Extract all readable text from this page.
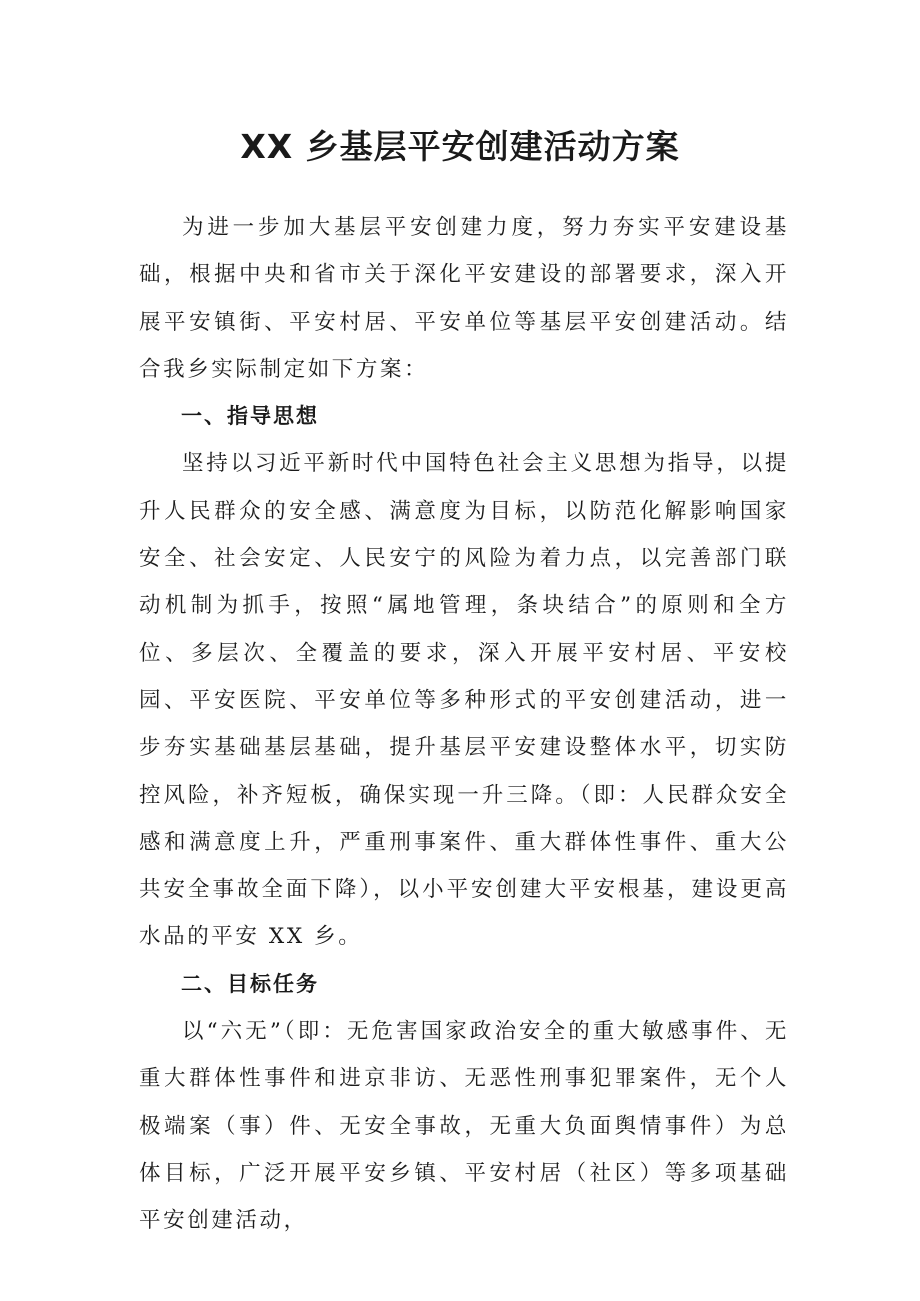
XX 乡基层平安创建活动方案

为进一步加大基层平安创建力度，努力夯实平安建设基础，根据中央和省市关于深化平安建设的部署要求，深入开展平安镇街、平安村居、平安单位等基层平安创建活动。结合我乡实际制定如下方案：

一、指导思想

坚持以习近平新时代中国特色社会主义思想为指导，以提升人民群众的安全感、满意度为目标，以防范化解影响国家安全、社会安定、人民安宁的风险为着力点，以完善部门联动机制为抓手，按照“属地管理，条块结合”的原则和全方位、多层次、全覆盖的要求，深入开展平安村居、平安校园、平安医院、平安单位等多种形式的平安创建活动，进一步夯实基础基层基础，提升基层平安建设整体水平，切实防控风险，补齐短板，确保实现一升三降。（即：人民群众安全感和满意度上升，严重刑事案件、重大群体性事件、重大公共安全事故全面下降），以小平安创建大平安根基，建设更高水品的平安 XX 乡。

二、目标任务

以“六无”（即：无危害国家政治安全的重大敏感事件、无重大群体性事件和进京非访、无恶性刑事犯罪案件，无个人极端案（事）件、无安全事故，无重大负面舆情事件）为总体目标，广泛开展平安乡镇、平安村居（社区）等多项基础平安创建活动，
